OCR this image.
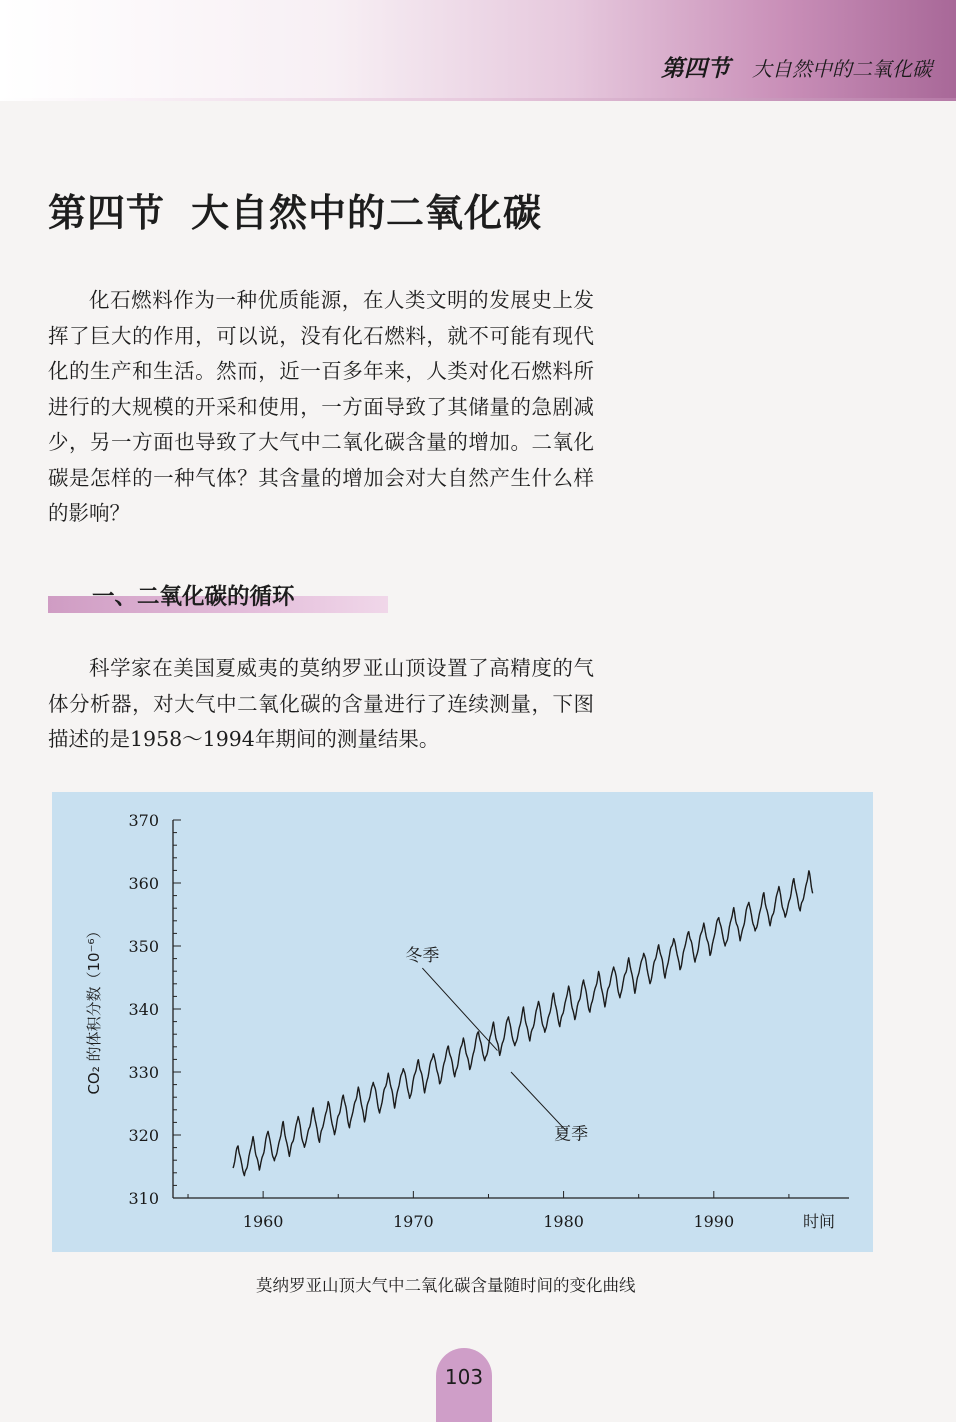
第四节 大自然中的二氧化碳
第四节 大自然中的二氧化碳

化石燃料作为一种优质能源，在人类文明的发展史上发挥了巨大的作用，可以说，没有化石燃料，就不可能有现代化的生产和生活。然而，近一百多年来，人类对化石燃料所进行的大规模的开采和使用，一方面导致了其储量的急剧减少，另一方面也导致了大气中二氧化碳含量的增加。二氧化碳是怎样的一种气体？其含量的增加会对大自然产生什么样的影响？

一、二氧化碳的循环

科学家在美国夏威夷的莫纳罗亚山顶设置了高精度的气体分析器，对大气中二氧化碳的含量进行了连续测量，下图描述的是1958～1994年期间的测量结果。

310
320
330
340
350
360
370
1960	1970	1980	1990	时间
CO₂ 的体积分数（10⁻⁶）	冬季
夏季
莫纳罗亚山顶大气中二氧化碳含量随时间的变化曲线
103
